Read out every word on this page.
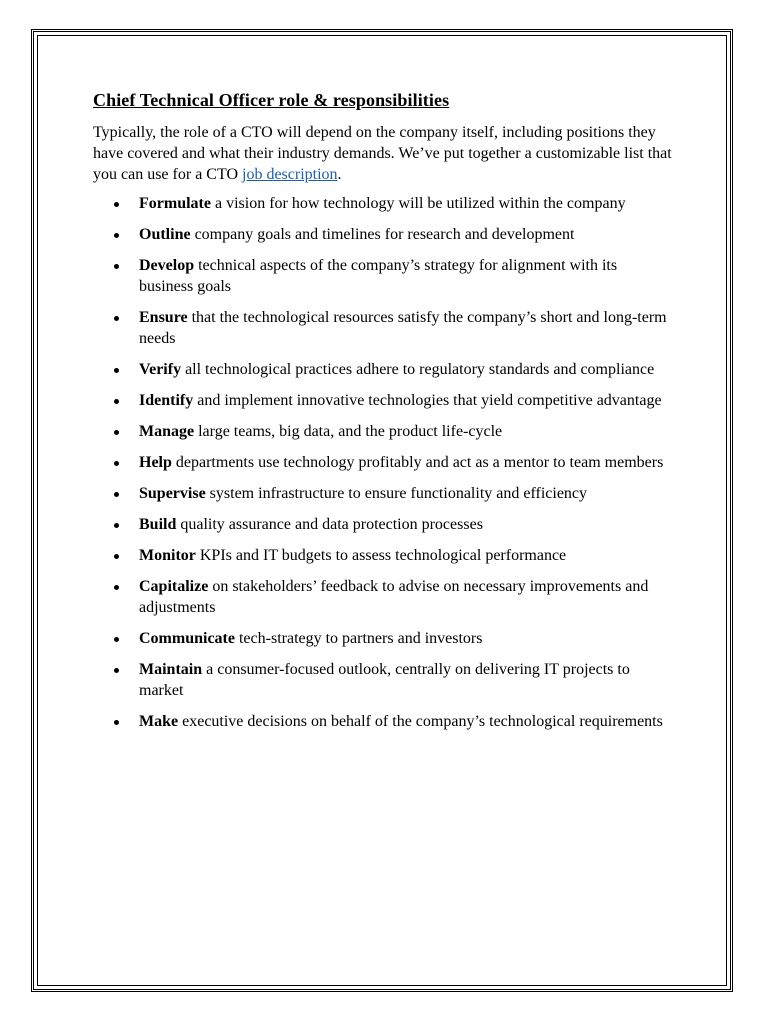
Chief Technical Officer role & responsibilities

Typically, the role of a CTO will depend on the company itself, including positions they have covered and what their industry demands. We’ve put together a customizable list that you can use for a CTO job description.

Formulate a vision for how technology will be utilized within the company
Outline company goals and timelines for research and development
Develop technical aspects of the company’s strategy for alignment with its business goals
Ensure that the technological resources satisfy the company’s short and long-term needs
Verify all technological practices adhere to regulatory standards and compliance
Identify and implement innovative technologies that yield competitive advantage
Manage large teams, big data, and the product life-cycle
Help departments use technology profitably and act as a mentor to team members
Supervise system infrastructure to ensure functionality and efficiency
Build quality assurance and data protection processes
Monitor KPIs and IT budgets to assess technological performance
Capitalize on stakeholders’ feedback to advise on necessary improvements and adjustments
Communicate tech-strategy to partners and investors
Maintain a consumer-focused outlook, centrally on delivering IT projects to market
Make executive decisions on behalf of the company’s technological requirements
